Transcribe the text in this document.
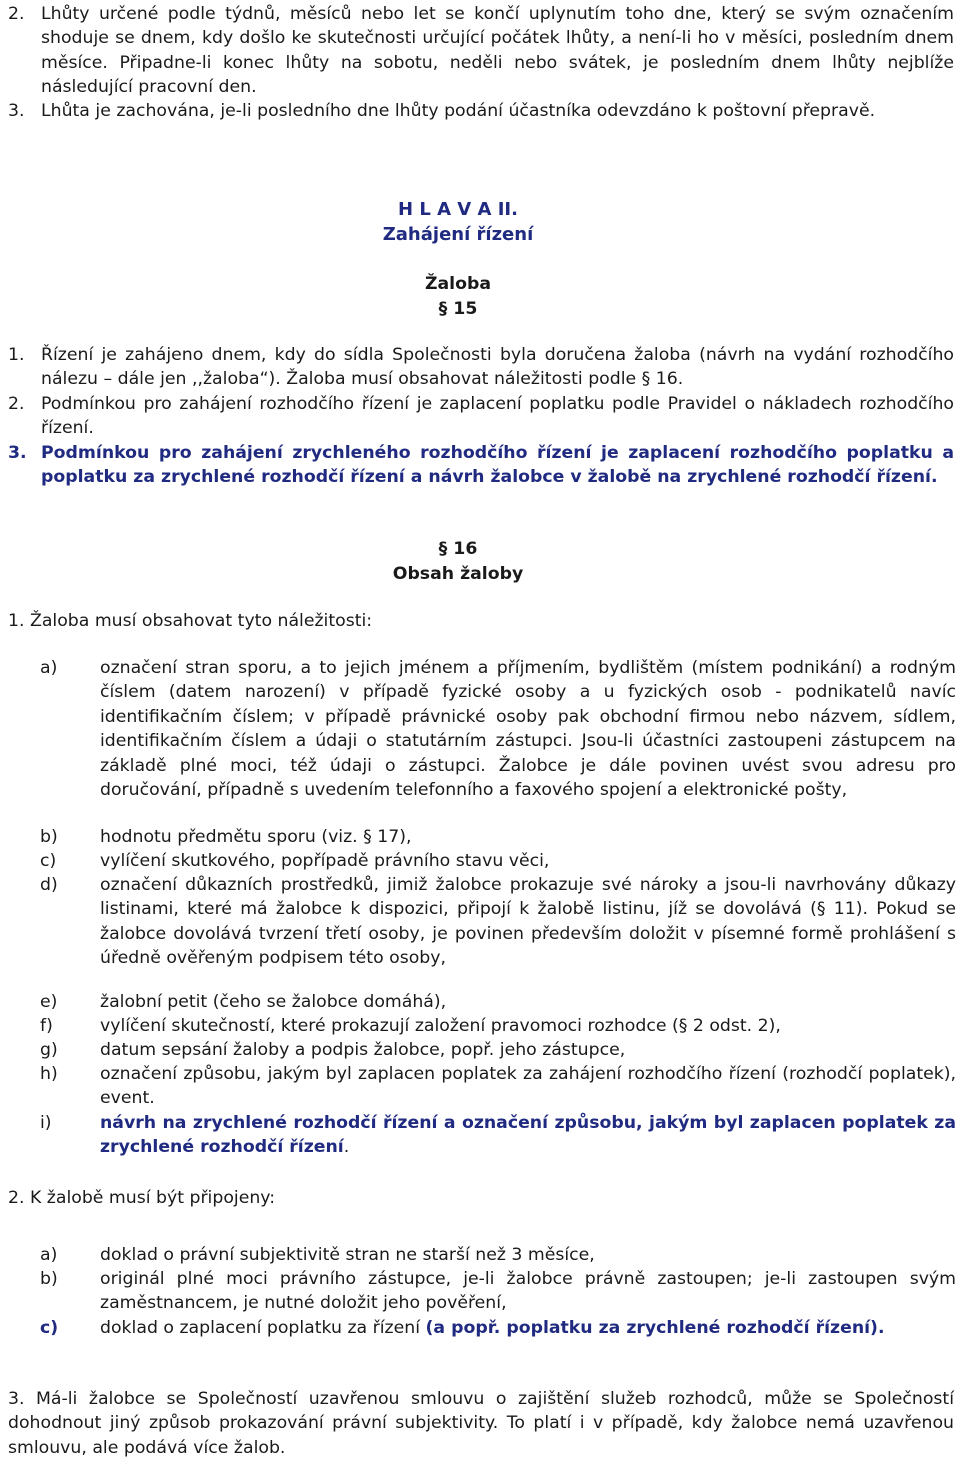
2. Lhůty určené podle týdnů, měsíců nebo let se končí uplynutím toho dne, který se svým označením shoduje se dnem, kdy došlo ke skutečnosti určující počátek lhůty, a není-li ho v měsíci, posledním dnem měsíce. Připadne-li konec lhůty na sobotu, neděli nebo svátek, je posledním dnem lhůty nejblíže následující pracovní den.
3. Lhůta je zachována, je-li posledního dne lhůty podání účastníka odevzdáno k poštovní přepravě.
H L A V A II.
Zahájení řízení
Žaloba
§ 15
1. Řízení je zahájeno dnem, kdy do sídla Společnosti byla doručena žaloba (návrh na vydání rozhodčího nálezu – dále jen ,,žaloba“). Žaloba musí obsahovat náležitosti podle § 16.
2. Podmínkou pro zahájení rozhodčího řízení je zaplacení poplatku podle Pravidel o nákladech rozhodčího řízení.
3. Podmínkou pro zahájení zrychleného rozhodčího řízení je zaplacení rozhodčího poplatku a poplatku za zrychlené rozhodčí řízení a návrh žalobce v žalobě na zrychlené rozhodčí řízení.
§ 16
Obsah žaloby
1. Žaloba musí obsahovat tyto náležitosti:
a) označení stran sporu, a to jejich jménem a příjmením, bydlištěm (místem podnikání) a rodným číslem (datem narození) v případě fyzické osoby a u fyzických osob - podnikatelů navíc identifikačním číslem; v případě právnické osoby pak obchodní firmou nebo názvem, sídlem, identifikačním číslem a údaji o statutárním zástupci. Jsou-li účastníci zastoupeni zástupcem na základě plné moci, též údaji o zástupci. Žalobce je dále povinen uvést svou adresu pro doručování, případně s uvedením telefonního a faxového spojení a elektronické pošty,
b) hodnotu předmětu sporu (viz. § 17),
c)	vylíčení skutkového, popřípadě právního stavu věci,
d) označení důkazních prostředků, jimiž žalobce prokazuje své nároky a jsou-li navrhovány důkazy listinami, které má žalobce k dispozici, připojí k žalobě listinu, jíž se dovolává (§ 11). Pokud se žalobce dovolává tvrzení třetí osoby, je povinen především doložit v písemné formě prohlášení s úředně ověřeným podpisem této osoby,
e) žalobní petit (čeho se žalobce domáhá),
f)	vylíčení skutečností, které prokazují založení pravomoci rozhodce (§ 2 odst. 2),
g) datum sepsání žaloby a podpis žalobce, popř. jeho zástupce,
h) označení způsobu, jakým byl zaplacen poplatek za zahájení rozhodčího řízení (rozhodčí poplatek), event.
i)	návrh na zrychlené rozhodčí řízení a označení způsobu, jakým byl zaplacen poplatek za zrychlené rozhodčí řízení.
2. K žalobě musí být připojeny:
a) doklad o právní subjektivitě stran ne starší než 3 měsíce,
b) originál plné moci právního zástupce, je-li žalobce právně zastoupen; je-li zastoupen svým zaměstnancem, je nutné doložit jeho pověření,
c) doklad o zaplacení poplatku za řízení (a popř. poplatku za zrychlené rozhodčí řízení).
3. Má-li žalobce se Společností uzavřenou smlouvu o zajištění služeb rozhodců, může se Společností dohodnout jiný způsob prokazování právní subjektivity. To platí i v případě, kdy žalobce nemá uzavřenou smlouvu, ale podává více žalob.
